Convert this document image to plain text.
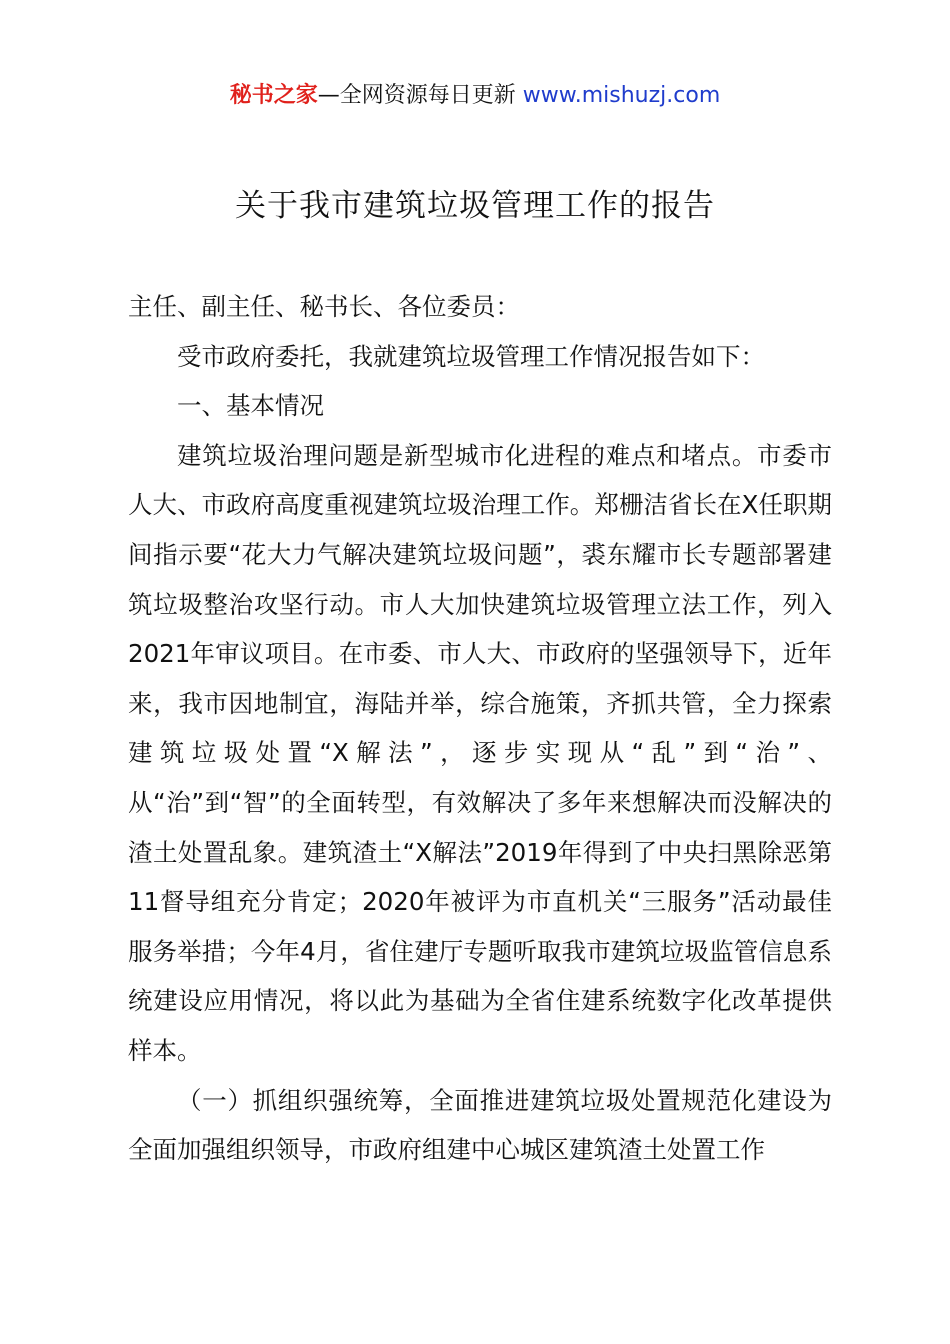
秘书之家—全网资源每日更新 www.mishuzj.com
关于我市建筑垃圾管理工作的报告

主任、副主任、秘书长、各位委员：

受市政府委托，我就建筑垃圾管理工作情况报告如下：

一、基本情况

建筑垃圾治理问题是新型城市化进程的难点和堵点。市委市人大、市政府高度重视建筑垃圾治理工作。郑栅洁省长在X任职期间指示要“花大力气解决建筑垃圾问题”，裘东耀市长专题部署建筑垃圾整治攻坚行动。市人大加快建筑垃圾管理立法工作，列入2021年审议项目。在市委、市人大、市政府的坚强领导下，近年来，我市因地制宜，海陆并举，综合施策，齐抓共管，全力探索建筑垃圾处置“X解法”，逐步实现从“乱”到“治”、从“治”到“智”的全面转型，有效解决了多年来想解决而没解决的渣土处置乱象。建筑渣土“X解法”2019年得到了中央扫黑除恶第11督导组充分肯定；2020年被评为市直机关“三服务”活动最佳服务举措；今年4月，省住建厅专题听取我市建筑垃圾监管信息系统建设应用情况，将以此为基础为全省住建系统数字化改革提供样本。

（一）抓组织强统筹，全面推进建筑垃圾处置规范化建设为全面加强组织领导，市政府组建中心城区建筑渣土处置工作
